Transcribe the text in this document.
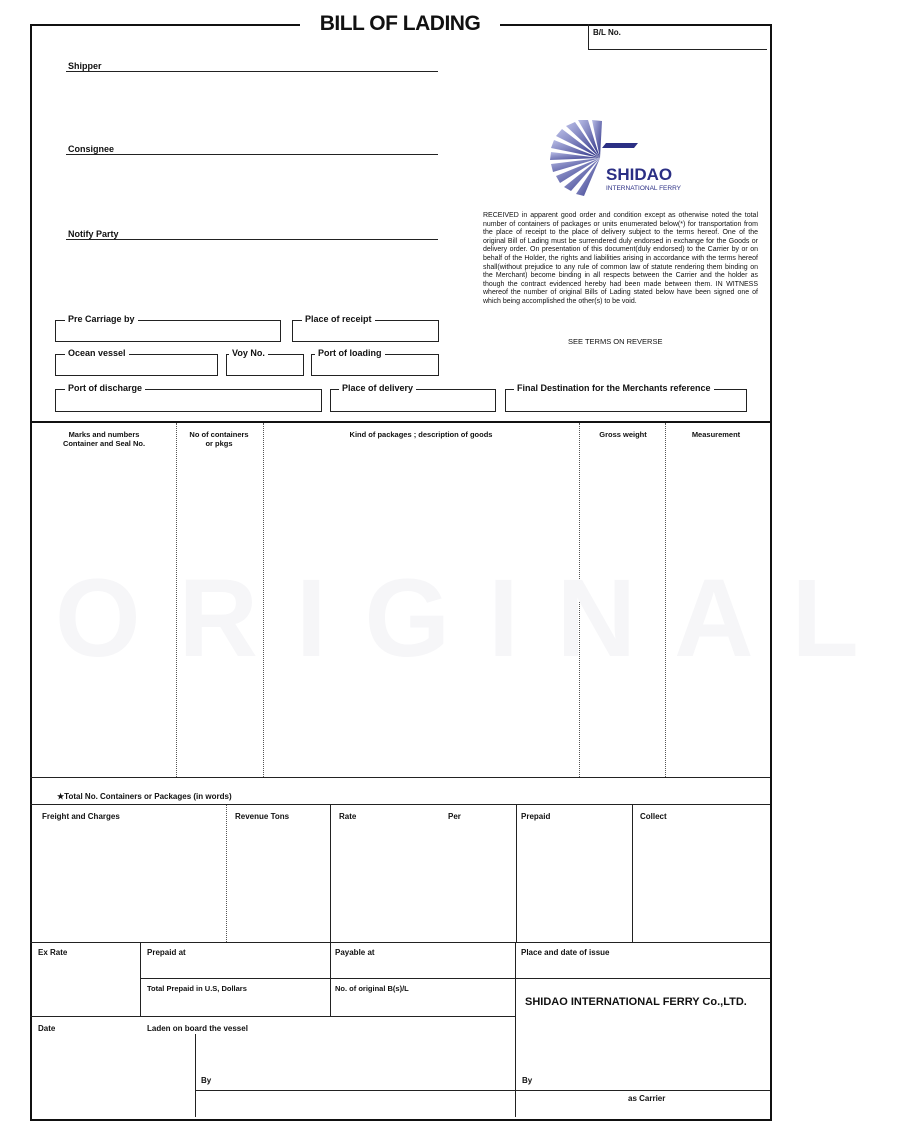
BILL OF LADING	B/L No.
Shipper
Consignee
Notify Party
SHIDAO
INTERNATIONAL FERRY
RECEIVED in apparent good order and condition except as otherwise noted the total number of containers of packages or units enumerated below(*) for transportation from the place of receipt to the place of delivery subject to the terms hereof. One of the original Bill of Lading must be surrendered duly endorsed in exchange for the Goods or delivery order. On presentation of this document(duly endorsed) to the Carrier by or on behalf of the Holder, the rights and liabilities arising in accordance with the terms hereof shall(without prejudice to any rule of common law of statute rendering them binding on the Merchant) become binding in all respects between the Carrier and the holder as though the contract evidenced hereby had been made between them. IN WITNESS whereof the number of original Bills of Lading stated below have been signed one of which being accomplished the other(s) to be void.
SEE TERMS ON REVERSE
Pre Carriage by	Place of receipt
Ocean vessel	Voy No.	Port of loading
Port of discharge	Place of delivery	Final Destination for the Merchants reference
Marks and numbers
Container and Seal No.
No of containers
or pkgs
Kind of packages ; description of goods	Gross weight	Measurement
ORIGINAL
★Total No. Containers or Packages (in words)
Freight and Charges	Revenue Tons	Rate	Per	Prepaid	Collect
Ex Rate	Prepaid at	Payable at	Place and date of issue
Total Prepaid in U.S, Dollars	No. of original B(s)/L
SHIDAO INTERNATIONAL FERRY Co.,LTD.
Date	Laden on board the vessel
By	By
as Carrier
